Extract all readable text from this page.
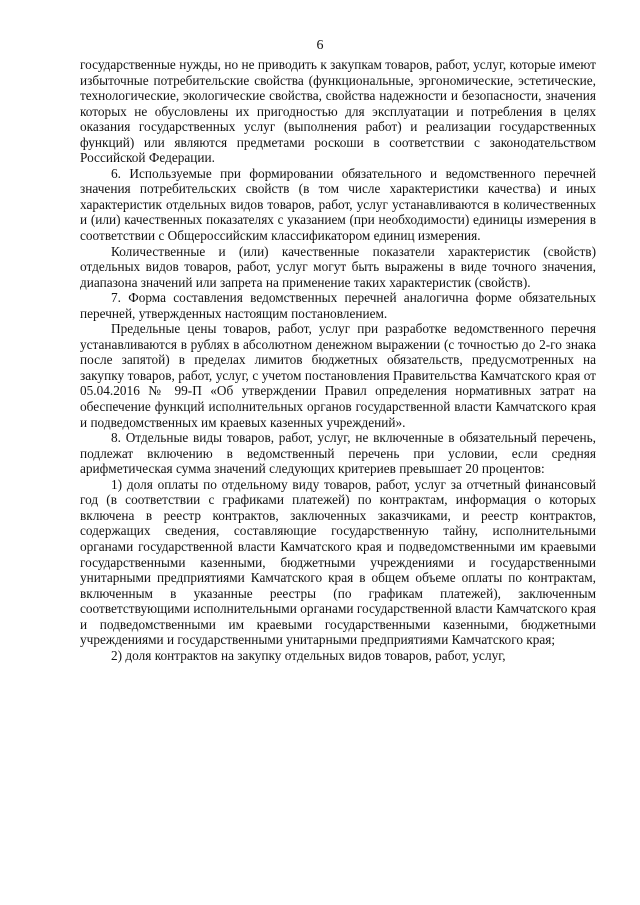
6

государственные нужды, но не приводить к закупкам товаров, работ, услуг, которые имеют избыточные потребительские свойства (функциональные, эргономические, эстетические, технологические, экологические свойства, свойства надежности и безопасности, значения которых не обусловлены их пригодностью для эксплуатации и потребления в целях оказания государственных услуг (выполнения работ) и реализации государственных функций) или являются предметами роскоши в соответствии с законодательством Российской Федерации.

6. Используемые при формировании обязательного и ведомственного перечней значения потребительских свойств (в том числе характеристики качества) и иных характеристик отдельных видов товаров, работ, услуг устанавливаются в количественных и (или) качественных показателях с указанием (при необходимости) единицы измерения в соответствии с Общероссийским классификатором единиц измерения.

Количественные и (или) качественные показатели характеристик (свойств) отдельных видов товаров, работ, услуг могут быть выражены в виде точного значения, диапазона значений или запрета на применение таких характеристик (свойств).

7. Форма составления ведомственных перечней аналогична форме обязательных перечней, утвержденных настоящим постановлением.

Предельные цены товаров, работ, услуг при разработке ведомственного перечня устанавливаются в рублях в абсолютном денежном выражении (с точностью до 2-го знака после запятой) в пределах лимитов бюджетных обязательств, предусмотренных на закупку товаров, работ, услуг, с учетом постановления Правительства Камчатского края от 05.04.2016 № 99-П «Об утверждении Правил определения нормативных затрат на обеспечение функций исполнительных органов государственной власти Камчатского края и подведомственных им краевых казенных учреждений».

8. Отдельные виды товаров, работ, услуг, не включенные в обязательный перечень, подлежат включению в ведомственный перечень при условии, если средняя арифметическая сумма значений следующих критериев превышает 20 процентов:

1) доля оплаты по отдельному виду товаров, работ, услуг за отчетный финансовый год (в соответствии с графиками платежей) по контрактам, информация о которых включена в реестр контрактов, заключенных заказчиками, и реестр контрактов, содержащих сведения, составляющие государственную тайну, исполнительными органами государственной власти Камчатского края и подведомственными им краевыми государственными казенными, бюджетными учреждениями и государственными унитарными предприятиями Камчатского края в общем объеме оплаты по контрактам, включенным в указанные реестры (по графикам платежей), заключенным соответствующими исполнительными органами государственной власти Камчатского края и подведомственными им краевыми государственными казенными, бюджетными учреждениями и государственными унитарными предприятиями Камчатского края;

2) доля контрактов на закупку отдельных видов товаров, работ, услуг,
